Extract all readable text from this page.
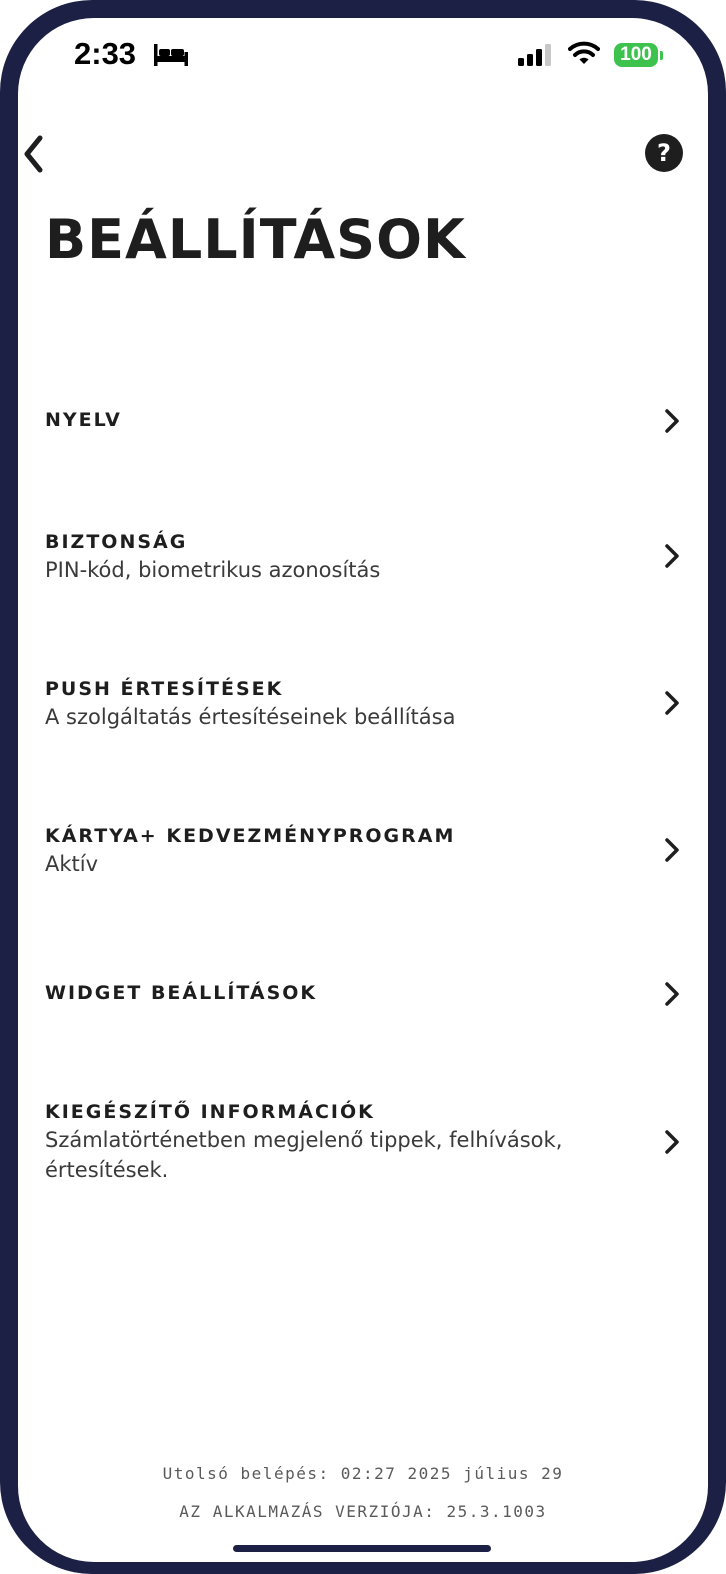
2:33	100
?
BEÁLLÍTÁSOK
NYELV
BIZTONSÁG
PIN-kód, biometrikus azonosítás
PUSH ÉRTESÍTÉSEK
A szolgáltatás értesítéseinek beállítása
KÁRTYA+ KEDVEZMÉNYPROGRAM
Aktív
WIDGET BEÁLLÍTÁSOK
KIEGÉSZÍTŐ INFORMÁCIÓK
Számlatörténetben megjelenő tippek, felhívások, értesítések.
Utolsó belépés: 02:27 2025 július 29
AZ ALKALMAZÁS VERZIÓJA: 25.3.1003
